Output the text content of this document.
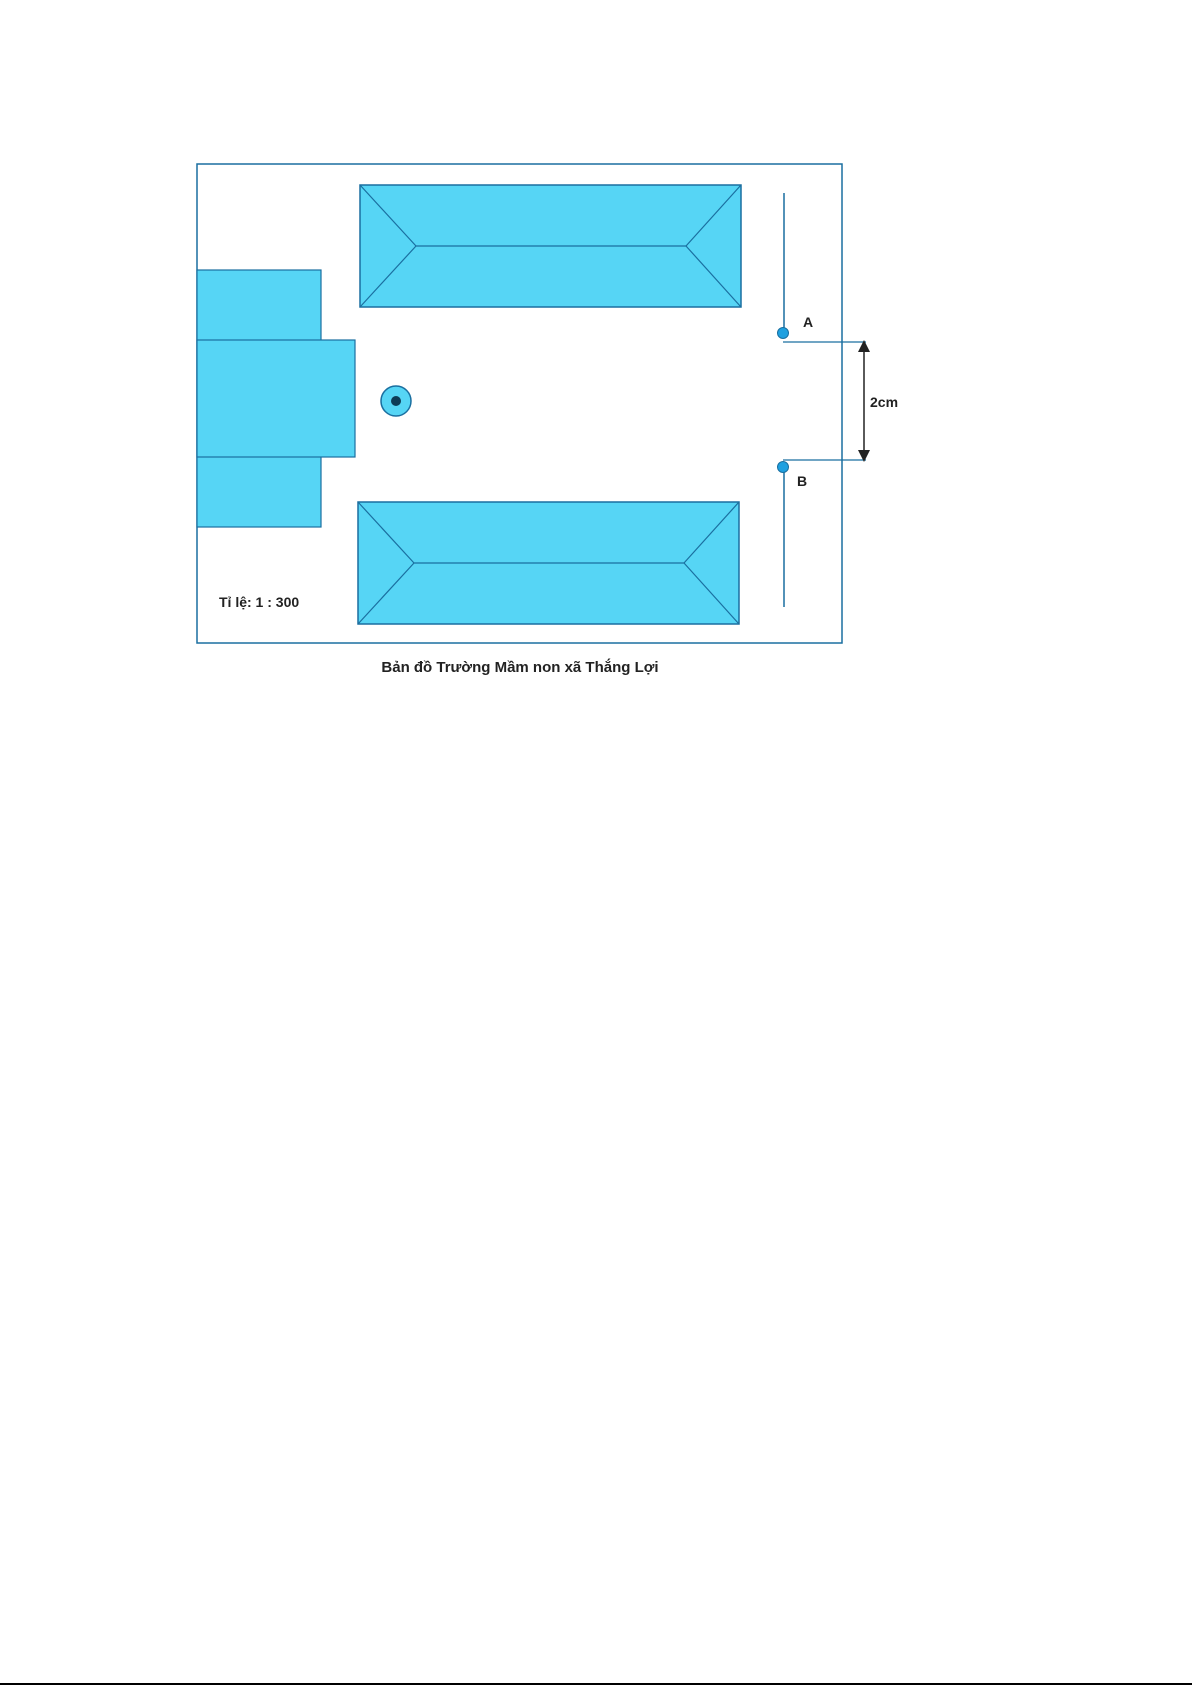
A
B
2cm
Tỉ lệ: 1 : 300
Bản đồ Trường Mầm non xã Thắng Lợi
